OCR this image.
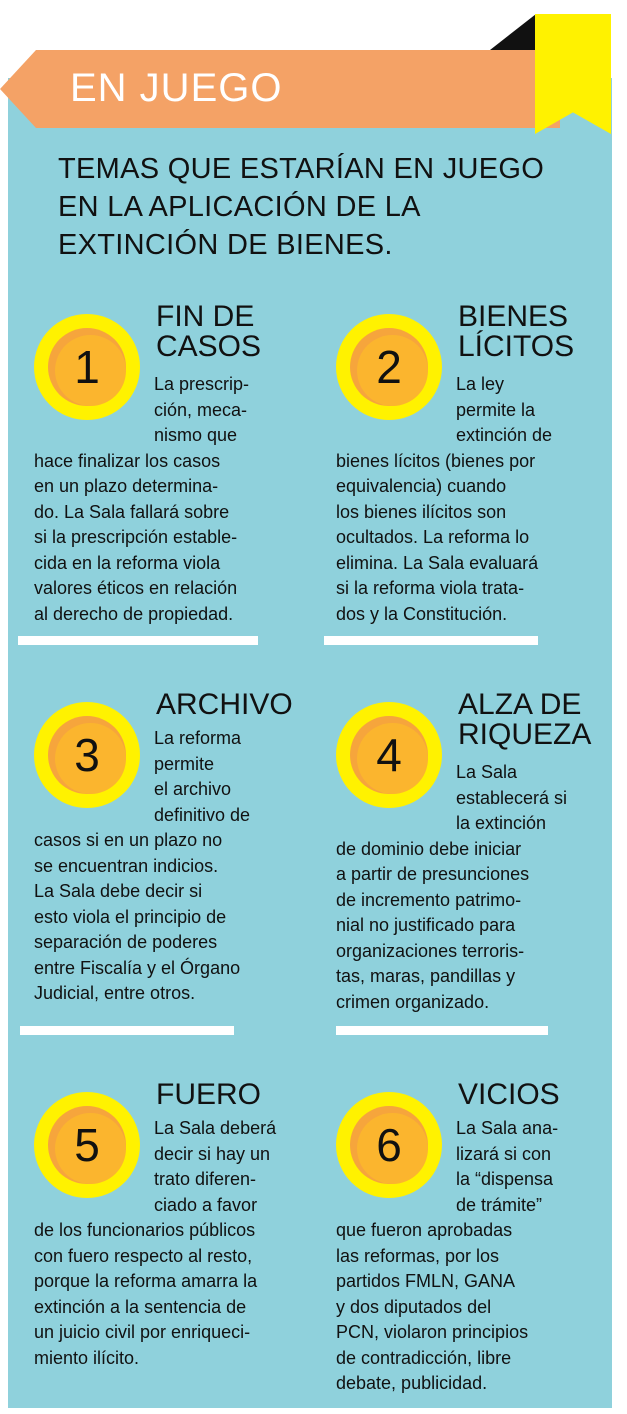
EN JUEGO
TEMAS QUE ESTARÍAN EN JUEGO EN LA APLICACIÓN DE LA EXTINCIÓN DE BIENES.
1
FIN DE
CASOS
La prescrip-
ción, meca-
nismo que
hace finalizar los casos
en un plazo determina-
do. La Sala fallará sobre
si la prescripción estable-
cida en la reforma viola
valores éticos en relación
al derecho de propiedad.
2
BIENES
LÍCITOS
La ley
permite la
extinción de
bienes lícitos (bienes por
equivalencia) cuando
los bienes ilícitos son
ocultados. La reforma lo
elimina. La Sala evaluará
si la reforma viola trata-
dos y la Constitución.
3
ARCHIVO
La reforma
permite
el archivo
definitivo de
casos si en un plazo no
se encuentran indicios.
La Sala debe decir si
esto viola el principio de
separación de poderes
entre Fiscalía y el Órgano
Judicial, entre otros.
4
ALZA DE
RIQUEZA
La Sala
establecerá si
la extinción
de dominio debe iniciar
a partir de presunciones
de incremento patrimo-
nial no justificado para
organizaciones terroris-
tas, maras, pandillas y
crimen organizado.
5
FUERO
La Sala deberá
decir si hay un
trato diferen-
ciado a favor
de los funcionarios públicos
con fuero respecto al resto,
porque la reforma amarra la
extinción a la sentencia de
un juicio civil por enriqueci-
miento ilícito.
6
VICIOS
La Sala ana-
lizará si con
la “dispensa
de trámite”
que fueron aprobadas
las reformas, por los
partidos FMLN, GANA
y dos diputados del
PCN, violaron principios
de contradicción, libre
debate, publicidad.
